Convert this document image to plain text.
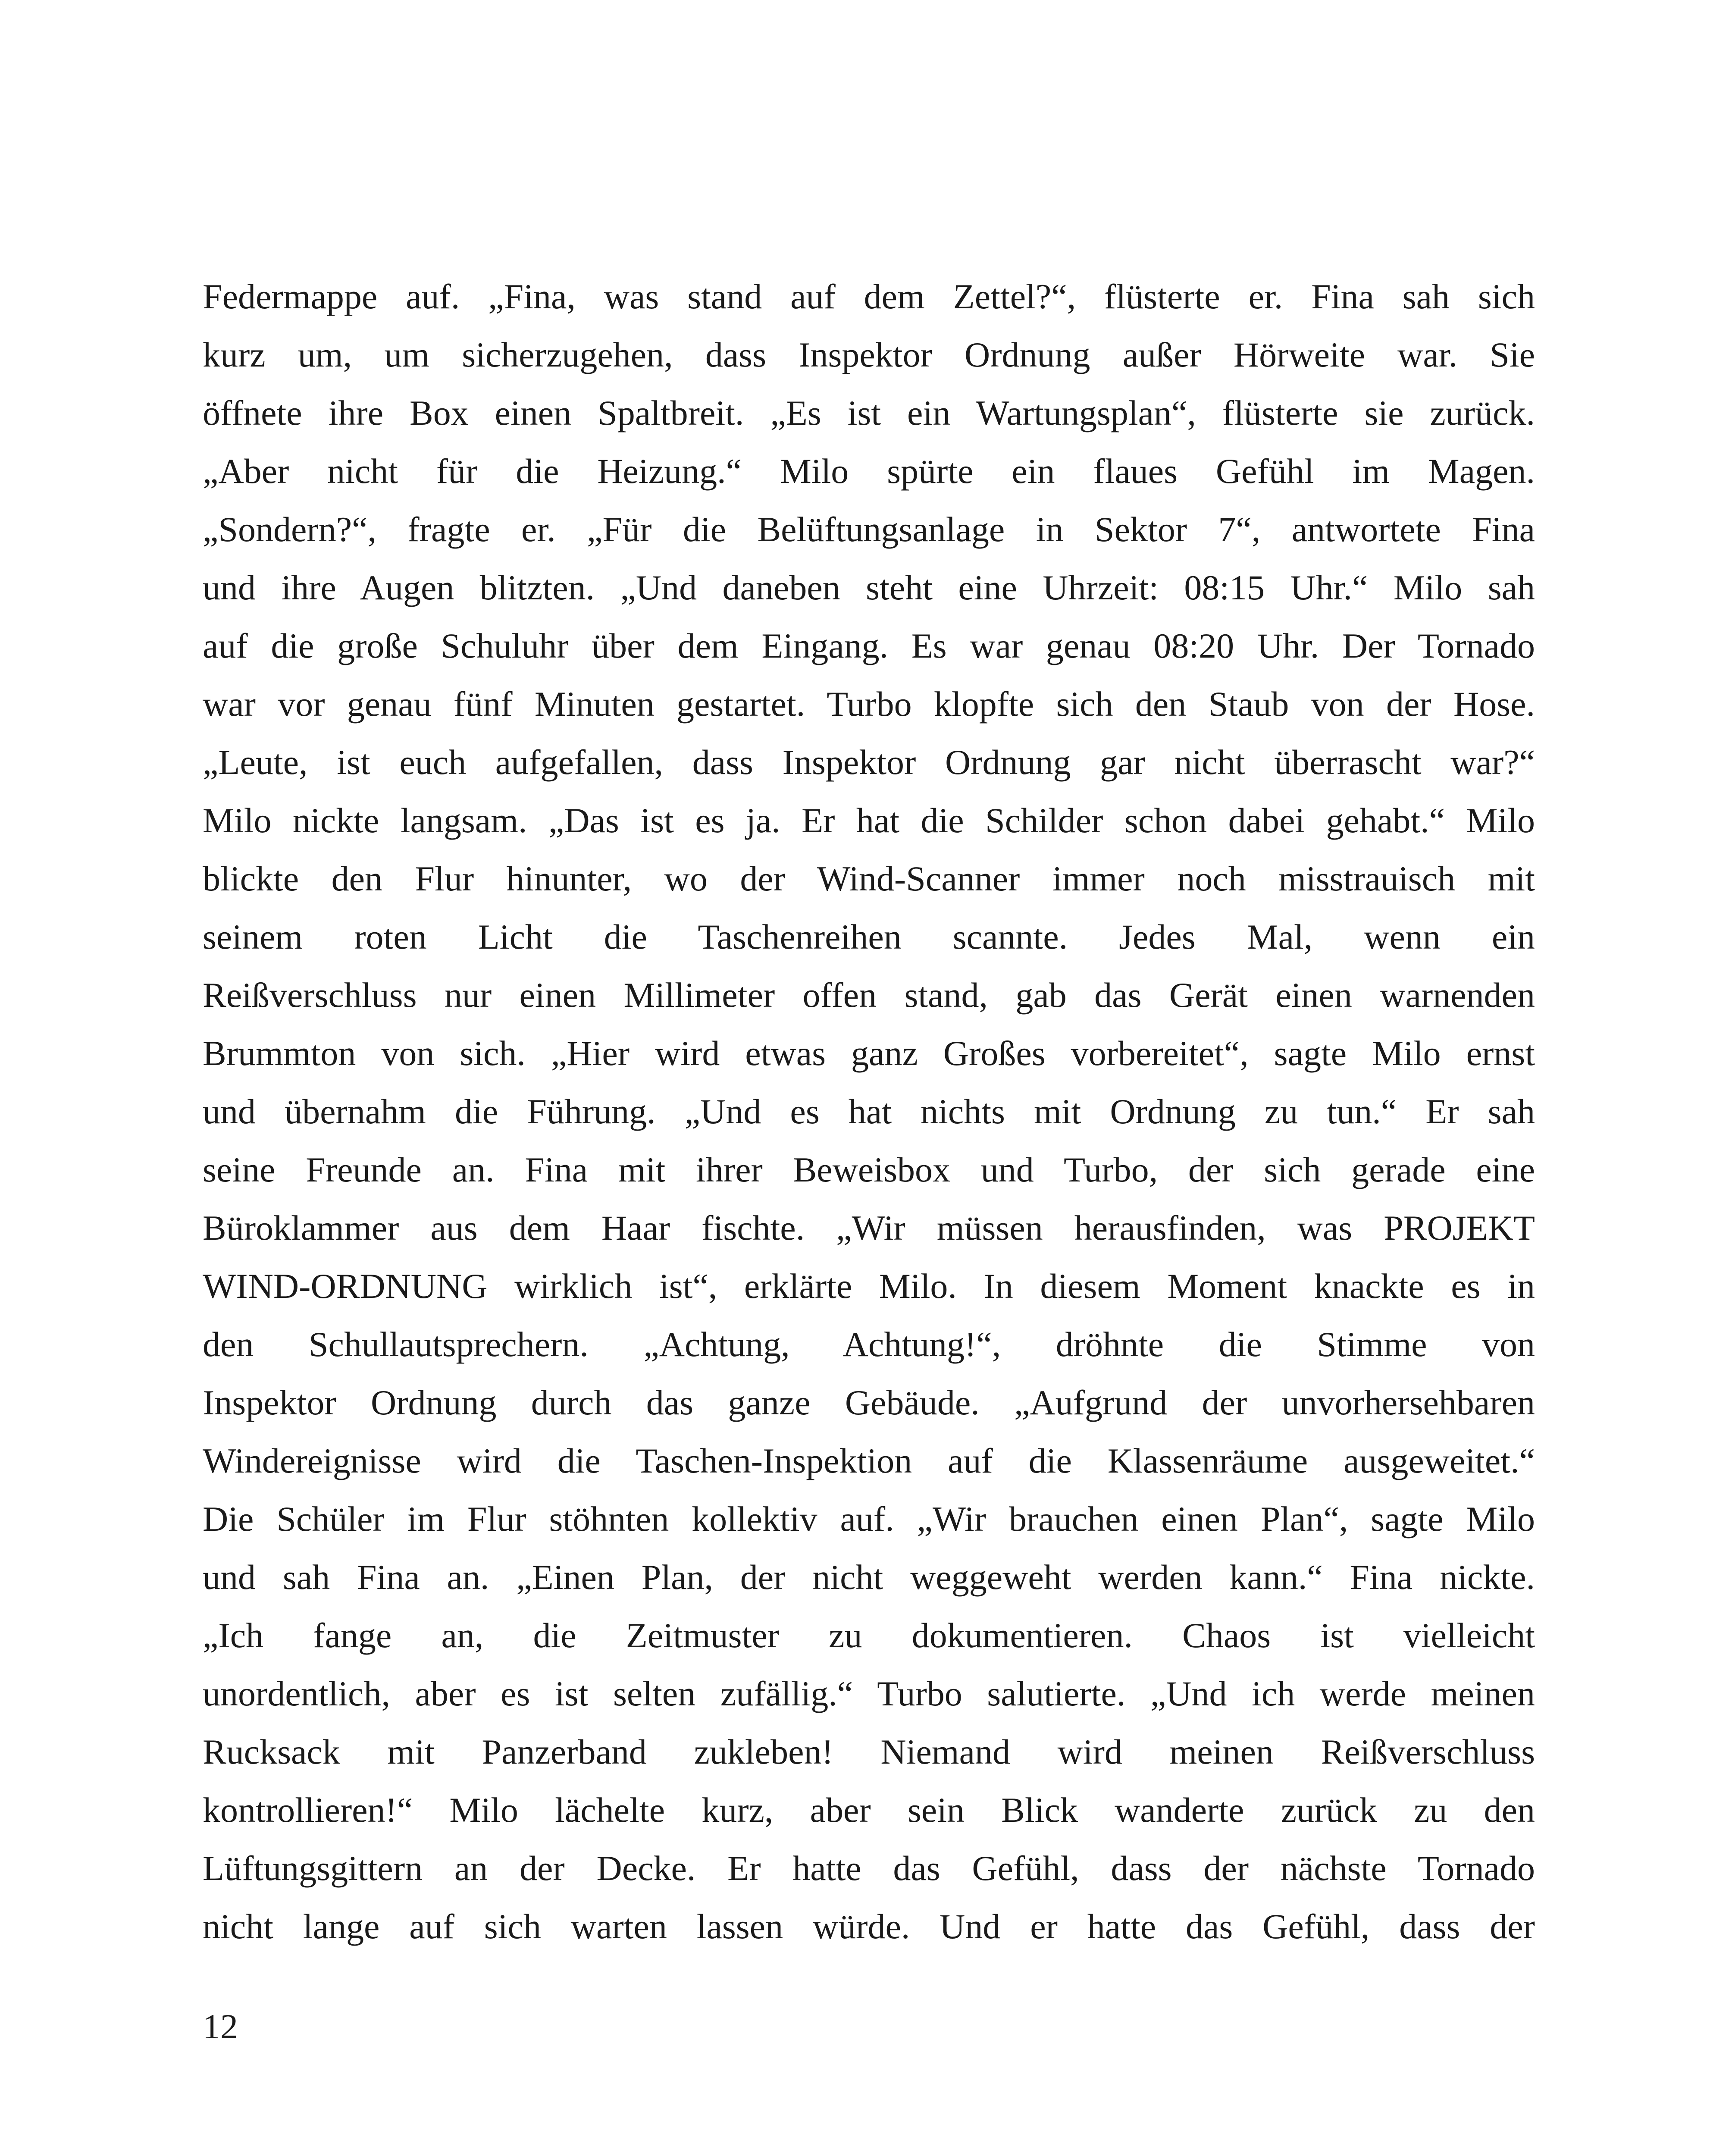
Federmappe auf. „Fina, was stand auf dem Zettel?“, flüsterte er. Fina sah sich
kurz um, um sicherzugehen, dass Inspektor Ordnung außer Hörweite war. Sie
öffnete ihre Box einen Spaltbreit. „Es ist ein Wartungsplan“, flüsterte sie zurück.
„Aber nicht für die Heizung.“ Milo spürte ein flaues Gefühl im Magen.
„Sondern?“, fragte er. „Für die Belüftungsanlage in Sektor 7“, antwortete Fina
und ihre Augen blitzten. „Und daneben steht eine Uhrzeit: 08:15 Uhr.“ Milo sah
auf die große Schuluhr über dem Eingang. Es war genau 08:20 Uhr. Der Tornado
war vor genau fünf Minuten gestartet. Turbo klopfte sich den Staub von der Hose.
„Leute, ist euch aufgefallen, dass Inspektor Ordnung gar nicht überrascht war?“
Milo nickte langsam. „Das ist es ja. Er hat die Schilder schon dabei gehabt.“ Milo
blickte den Flur hinunter, wo der Wind-Scanner immer noch misstrauisch mit
seinem roten Licht die Taschenreihen scannte. Jedes Mal, wenn ein
Reißverschluss nur einen Millimeter offen stand, gab das Gerät einen warnenden
Brummton von sich. „Hier wird etwas ganz Großes vorbereitet“, sagte Milo ernst
und übernahm die Führung. „Und es hat nichts mit Ordnung zu tun.“ Er sah
seine Freunde an. Fina mit ihrer Beweisbox und Turbo, der sich gerade eine
Büroklammer aus dem Haar fischte. „Wir müssen herausfinden, was PROJEKT
WIND-ORDNUNG wirklich ist“, erklärte Milo. In diesem Moment knackte es in
den Schullautsprechern. „Achtung, Achtung!“, dröhnte die Stimme von
Inspektor Ordnung durch das ganze Gebäude. „Aufgrund der unvorhersehbaren
Windereignisse wird die Taschen-Inspektion auf die Klassenräume ausgeweitet.“
Die Schüler im Flur stöhnten kollektiv auf. „Wir brauchen einen Plan“, sagte Milo
und sah Fina an. „Einen Plan, der nicht weggeweht werden kann.“ Fina nickte.
„Ich fange an, die Zeitmuster zu dokumentieren. Chaos ist vielleicht
unordentlich, aber es ist selten zufällig.“ Turbo salutierte. „Und ich werde meinen
Rucksack mit Panzerband zukleben! Niemand wird meinen Reißverschluss
kontrollieren!“ Milo lächelte kurz, aber sein Blick wanderte zurück zu den
Lüftungsgittern an der Decke. Er hatte das Gefühl, dass der nächste Tornado
nicht lange auf sich warten lassen würde. Und er hatte das Gefühl, dass der
12
